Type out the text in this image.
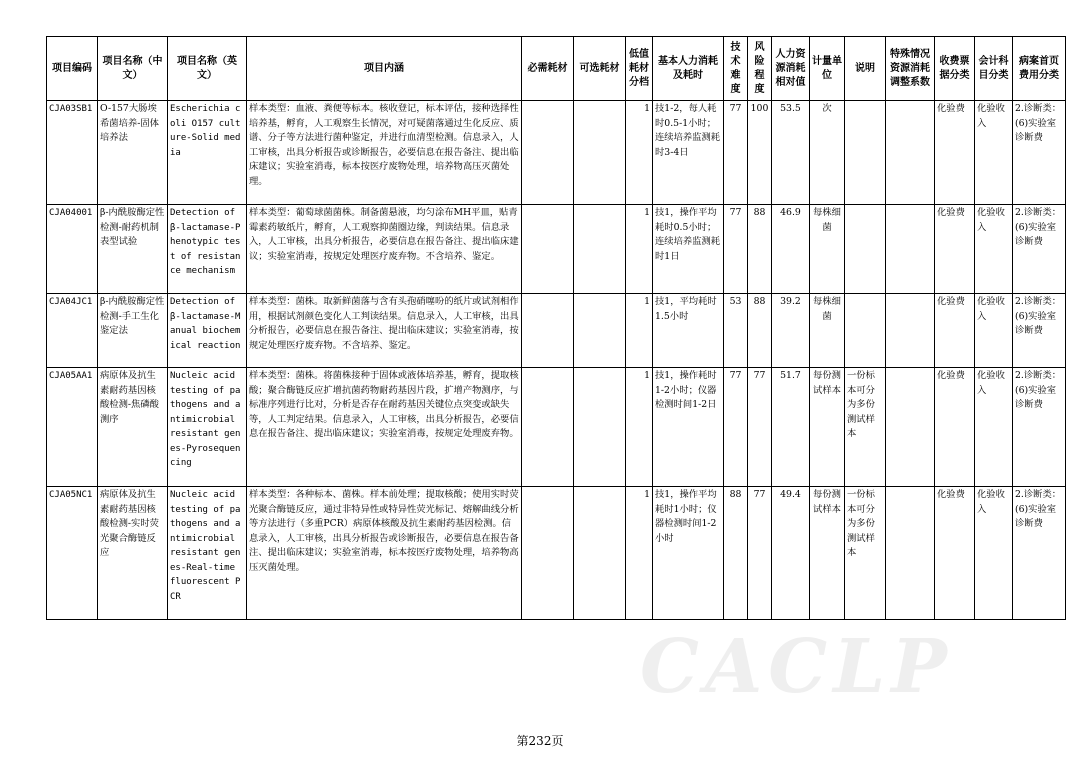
项目编码	项目名称（中文）	项目名称（英文）	项目内涵	必需耗材	可选耗材	低值耗材分档	基本人力消耗及耗时	技术难度	风险程度	人力资源消耗相对值	计量单位	说明	特殊情况资源消耗调整系数	收费票据分类	会计科目分类	病案首页费用分类
CJA03SB1	O-157大肠埃希菌培养-固体培养法	Escherichia coli O157 culture-Solid media	样本类型：血液、粪便等标本。核收登记，标本评估，接种选择性培养基，孵育，人工观察生长情况，对可疑菌落通过生化反应、质谱、分子等方法进行菌种鉴定，并进行血清型检测。信息录入，人工审核，出具分析报告或诊断报告，必要信息在报告备注、提出临床建议；实验室消毒，标本按医疗废物处理，培养物高压灭菌处理。			1	技1-2，每人耗时0.5-1小时；连续培养监测耗时3-4日	77	100	53.5	次			化验费	化验收入	2.诊断类：(6)实验室诊断费
CJA04001	β-内酰胺酶定性检测-耐药机制表型试验	Detection of β-lactamase-Phenotypic test of resistance mechanism	样本类型：葡萄球菌菌株。制备菌悬液，均匀涂布MH平皿，贴青霉素药敏纸片，孵育，人工观察抑菌圈边缘，判读结果。信息录入，人工审核，出具分析报告，必要信息在报告备注、提出临床建议；实验室消毒，按规定处理医疗废弃物。不含培养、鉴定。			1	技1，操作平均耗时0.5小时；连续培养监测耗时1日	77	88	46.9	每株细菌			化验费	化验收入	2.诊断类：(6)实验室诊断费
CJA04JC1	β-内酰胺酶定性检测-手工生化鉴定法	Detection of β-lactamase-Manual biochemical reaction	样本类型：菌株。取新鲜菌落与含有头孢硝噻吩的纸片或试剂相作用，根据试剂颜色变化人工判读结果。信息录入，人工审核，出具分析报告，必要信息在报告备注、提出临床建议；实验室消毒，按规定处理医疗废弃物。不含培养、鉴定。			1	技1，平均耗时1.5小时	53	88	39.2	每株细菌			化验费	化验收入	2.诊断类：(6)实验室诊断费
CJA05AA1	病原体及抗生素耐药基因核酸检测-焦磷酸测序	Nucleic acid testing of pathogens and antimicrobial resistant genes-Pyrosequencing	样本类型：菌株。将菌株接种于固体或液体培养基，孵育，提取核酸；聚合酶链反应扩增抗菌药物耐药基因片段，扩增产物测序，与标准序列进行比对，分析是否存在耐药基因关键位点突变或缺失等，人工判定结果。信息录入，人工审核，出具分析报告，必要信息在报告备注、提出临床建议；实验室消毒，按规定处理废弃物。			1	技1，操作耗时1-2小时；仪器检测时间1-2日	77	77	51.7	每份测试样本	一份标本可分为多份测试样本		化验费	化验收入	2.诊断类：(6)实验室诊断费
CJA05NC1	病原体及抗生素耐药基因核酸检测-实时荧光聚合酶链反应	Nucleic acid testing of pathogens and antimicrobial resistant genes-Real-time fluorescent PCR	样本类型：各种标本、菌株。样本前处理；提取核酸；使用实时荧光聚合酶链反应，通过非特异性或特异性荧光标记、熔解曲线分析等方法进行（多重PCR）病原体核酸及抗生素耐药基因检测。信息录入，人工审核，出具分析报告或诊断报告，必要信息在报告备注、提出临床建议；实验室消毒，标本按医疗废物处理，培养物高压灭菌处理。			1	技1，操作平均耗时1小时；仪器检测时间1-2小时	88	77	49.4	每份测试样本	一份标本可分为多份测试样本		化验费	化验收入	2.诊断类：(6)实验室诊断费
CACLP
第232页
